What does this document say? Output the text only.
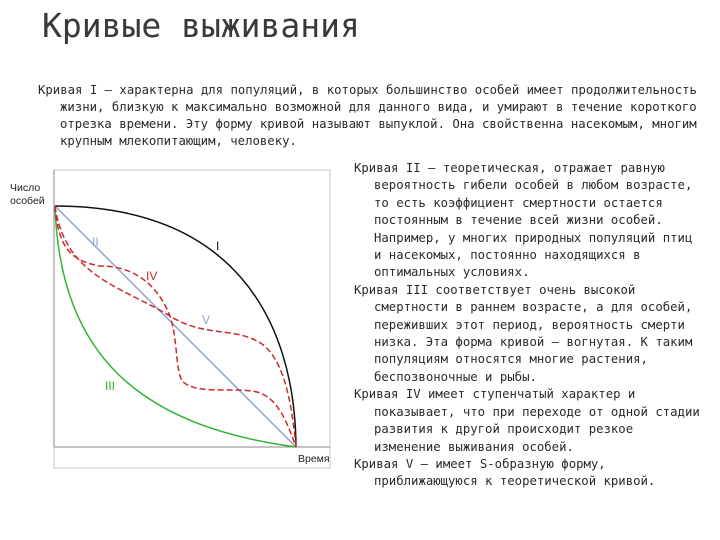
Кривые выживания
Кривая I – характерна для популяций, в которых большинство особей имеет продолжительность жизни, близкую к максимально возможной для данного вида, и умирают в течение короткого отрезка времени. Эту форму кривой называют выпуклой. Она свойственна насекомым, многим крупным млекопитающим, человеку.
II	I
IV
V
III
Число
особей
Время

Кривая II – теоретическая, отражает равную вероятность гибели особей в любом возрасте, то есть коэффициент смертности остается постоянным в течение всей жизни особей. Например, у многих природных популяций птиц и насекомых, постоянно находящихся в оптимальных условиях.

Кривая III соответствует очень высокой смертности в раннем возрасте, а для особей, переживших этот период, вероятность смерти низка. Эта форма кривой – вогнутая. К таким популяциям относятся многие растения, беспозвоночные и рыбы.

Кривая IV имеет ступенчатый характер и показывает, что при переходе от одной стадии развития к другой происходит резкое изменение выживания особей.

Кривая V – имеет S-образную форму, приближающуюся к теоретической кривой.
